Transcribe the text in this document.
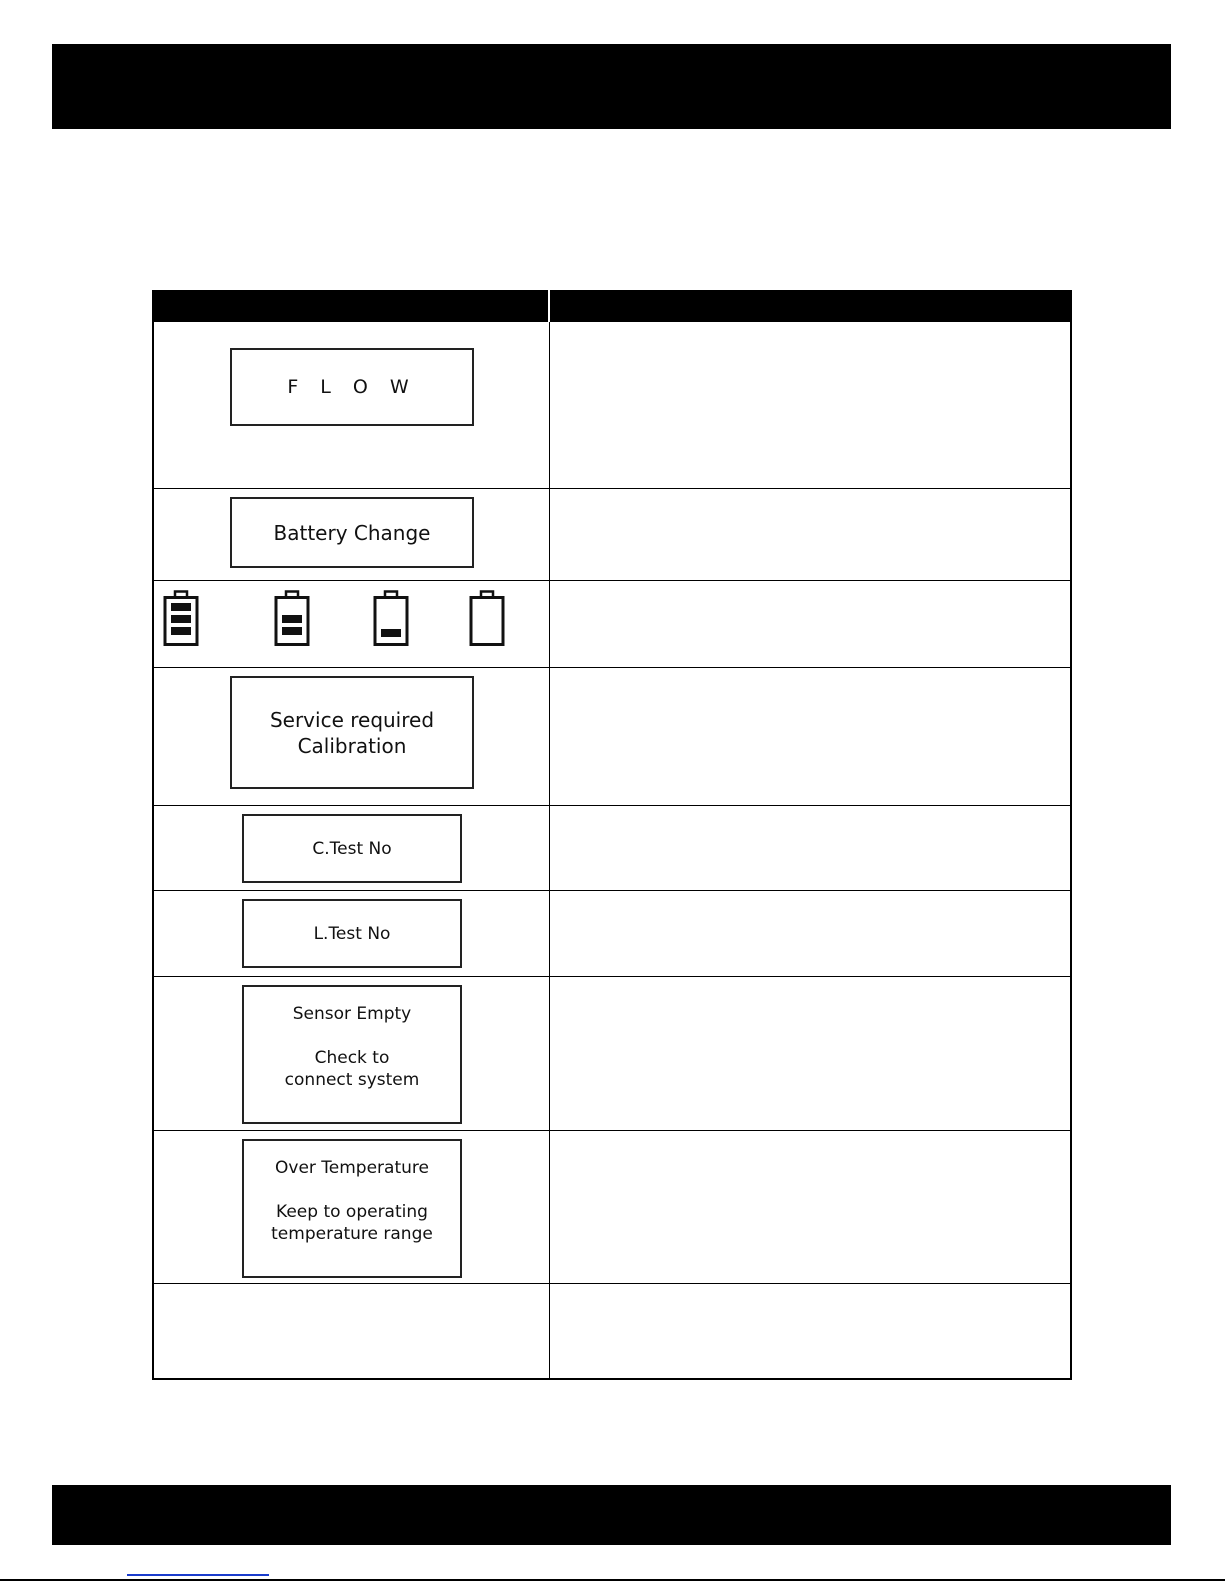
F L O W
Battery Change
Service required
Calibration
C.Test No
L.Test No
Sensor Empty

Check to
connect system
Over Temperature

Keep to operating
temperature range
